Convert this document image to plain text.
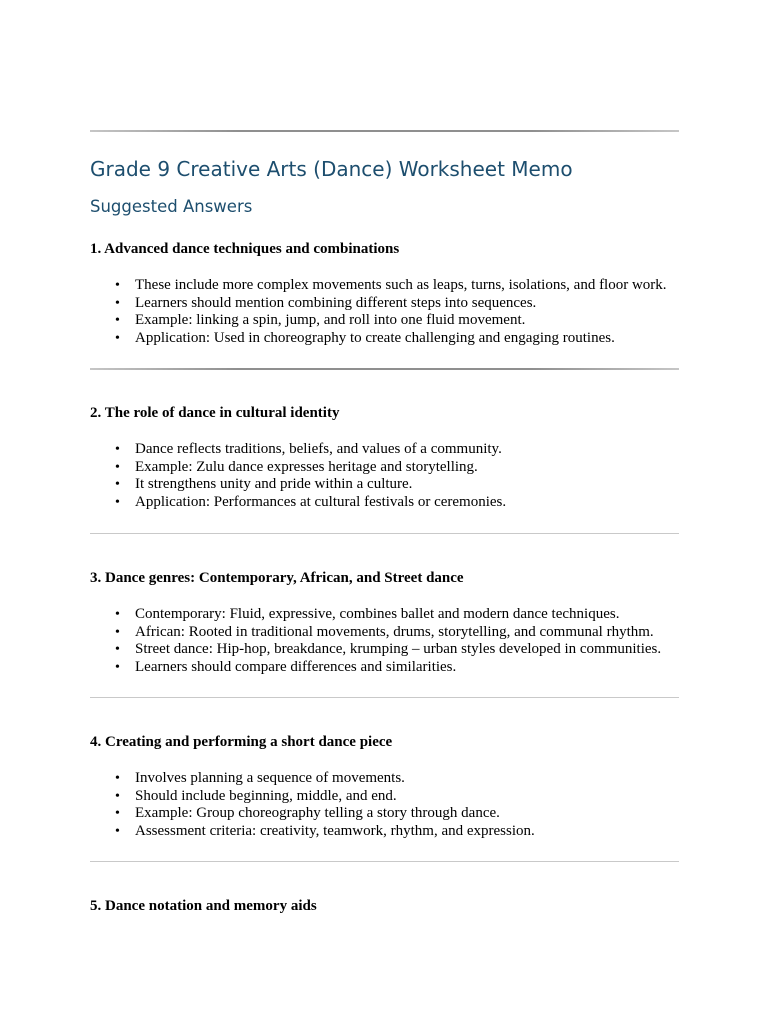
Grade 9 Creative Arts (Dance) Worksheet Memo
Suggested Answers
1. Advanced dance techniques and combinations
• These include more complex movements such as leaps, turns, isolations, and floor work.
• Learners should mention combining different steps into sequences.
• Example: linking a spin, jump, and roll into one fluid movement.
• Application: Used in choreography to create challenging and engaging routines.
2. The role of dance in cultural identity
• Dance reflects traditions, beliefs, and values of a community.
• Example: Zulu dance expresses heritage and storytelling.
• It strengthens unity and pride within a culture.
• Application: Performances at cultural festivals or ceremonies.
3. Dance genres: Contemporary, African, and Street dance
• Contemporary: Fluid, expressive, combines ballet and modern dance techniques.
• African: Rooted in traditional movements, drums, storytelling, and communal rhythm.
• Street dance: Hip-hop, breakdance, krumping – urban styles developed in communities.
• Learners should compare differences and similarities.
4. Creating and performing a short dance piece
• Involves planning a sequence of movements.
• Should include beginning, middle, and end.
• Example: Group choreography telling a story through dance.
• Assessment criteria: creativity, teamwork, rhythm, and expression.
5. Dance notation and memory aids
